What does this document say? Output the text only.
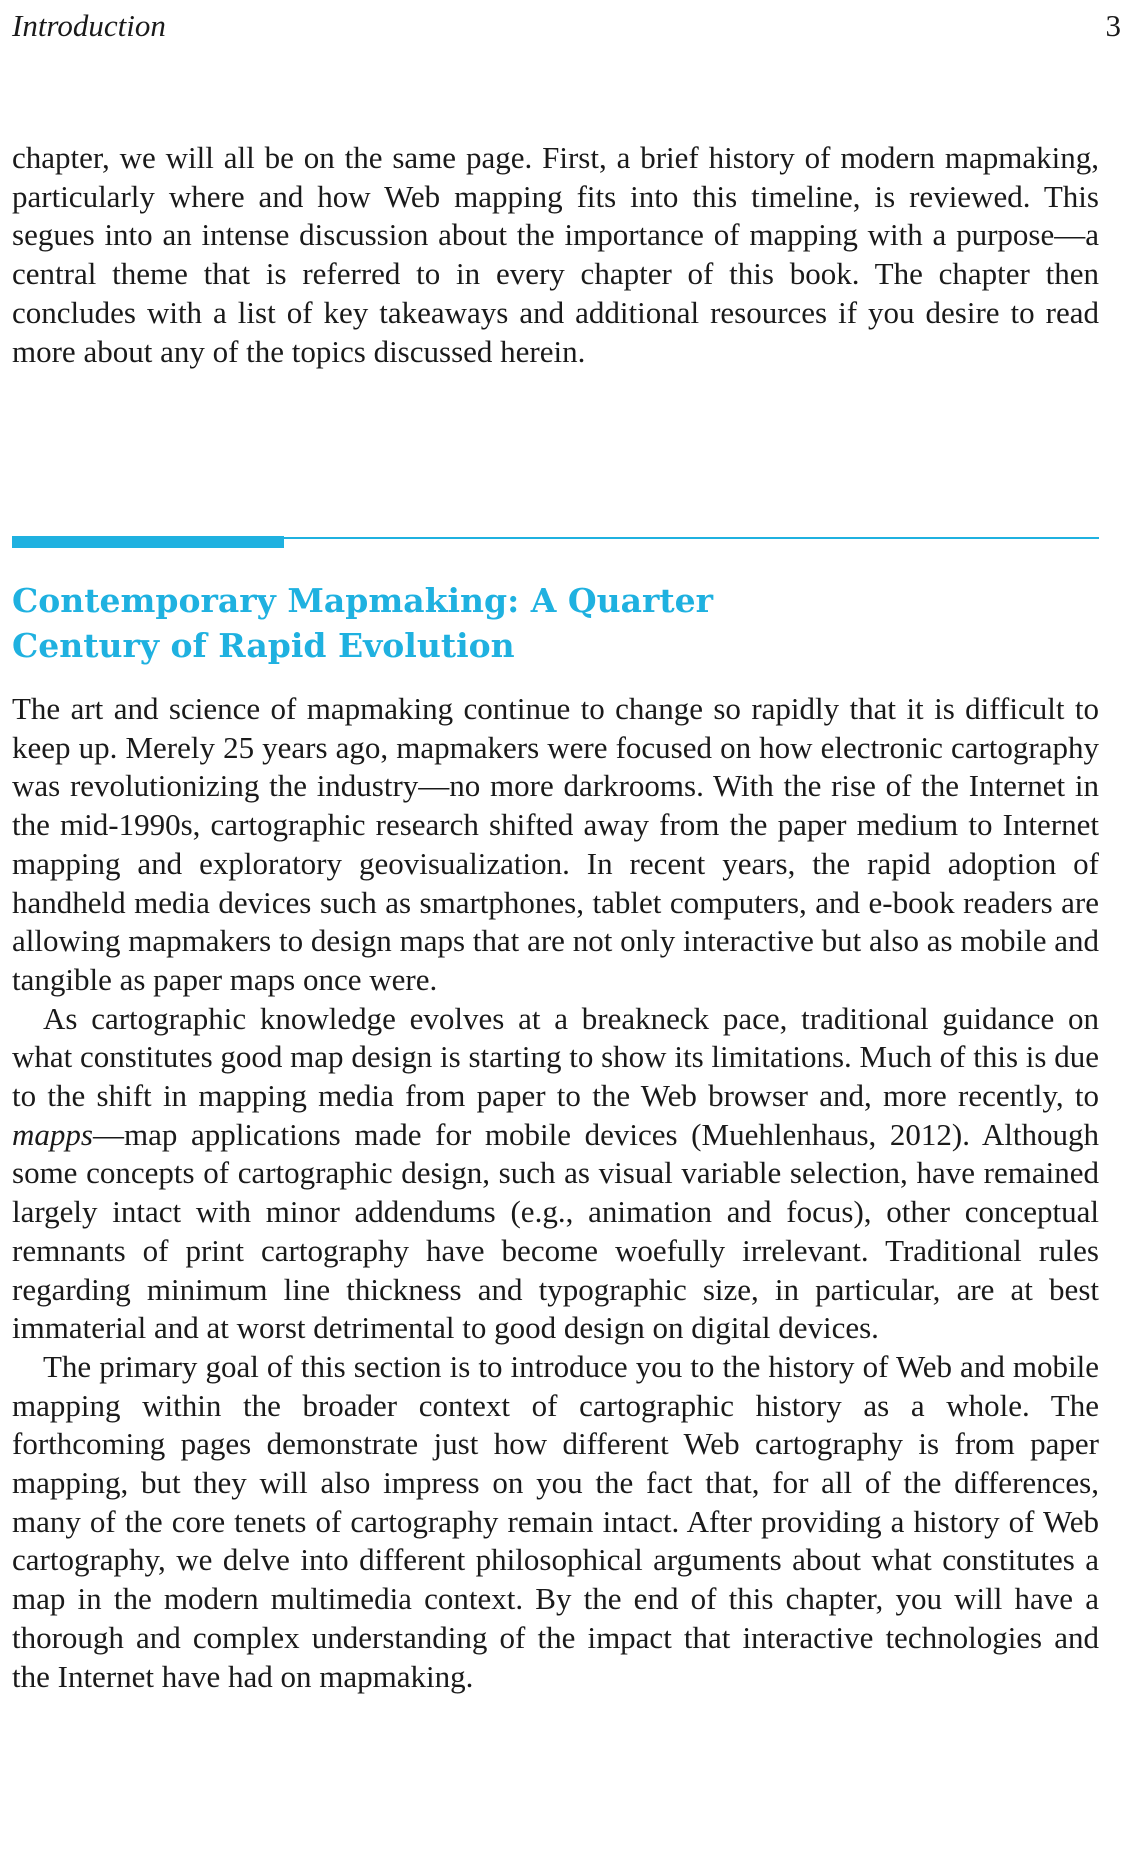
Introduction	3

chapter, we will all be on the same page. First, a brief history of modern mapmaking, particularly where and how Web mapping fits into this timeline, is reviewed. This segues into an intense discussion about the importance of mapping with a purpose—a central theme that is referred to in every chapter of this book. The chapter then concludes with a list of key takeaways and additional resources if you desire to read more about any of the topics discussed herein.

Contemporary Mapmaking: A Quarter
Century of Rapid Evolution

The art and science of mapmaking continue to change so rapidly that it is difficult to keep up. Merely 25 years ago, mapmakers were focused on how electronic cartography was revolutionizing the industry—no more darkrooms. With the rise of the Internet in the mid-1990s, cartographic research shifted away from the paper medium to Internet mapping and exploratory geovisualization. In recent years, the rapid adoption of handheld media devices such as smartphones, tablet computers, and e-book readers are allowing mapmakers to design maps that are not only interactive but also as mobile and tangible as paper maps once were.

As cartographic knowledge evolves at a breakneck pace, traditional guidance on what constitutes good map design is starting to show its limitations. Much of this is due to the shift in mapping media from paper to the Web browser and, more recently, to mapps—map applications made for mobile devices (Muehlenhaus, 2012). Although some concepts of cartographic design, such as visual variable selection, have remained largely intact with minor addendums (e.g., animation and focus), other conceptual remnants of print cartography have become woefully irrelevant. Traditional rules regarding minimum line thickness and typographic size, in particular, are at best immaterial and at worst detrimental to good design on digital devices.

The primary goal of this section is to introduce you to the history of Web and mobile mapping within the broader context of cartographic history as a whole. The forthcoming pages demonstrate just how different Web cartography is from paper mapping, but they will also impress on you the fact that, for all of the differences, many of the core tenets of cartography remain intact. After providing a history of Web cartography, we delve into different philosophical arguments about what constitutes a map in the modern multimedia context. By the end of this chapter, you will have a thorough and complex understanding of the impact that interactive technologies and the Internet have had on mapmaking.
